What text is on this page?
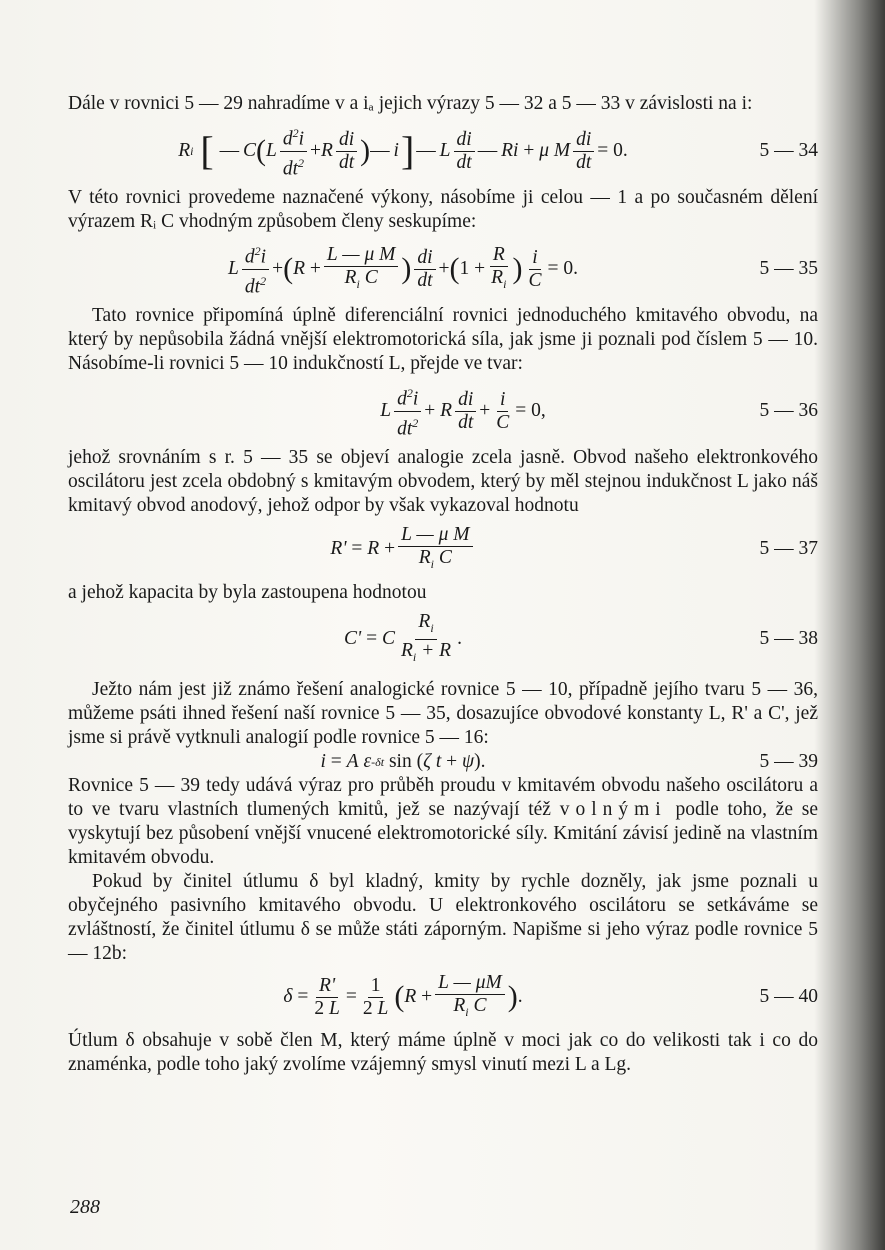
Dále v rovnici 5 — 29 nahradíme v a iₐ jejich výrazy 5 — 32 a 5 — 33 v závislosti na i:

R i
[
  —  C ( L $\frac{d^2i}{dt^2} + R \frac{di}{dt}$ ) —  i ] —  L $\frac{di}{dt}$ —  Ri + μ M $\frac{di}{dt} = 0$.	5 — 34

V této rovnici provedeme naznačené výkony, násobíme ji celou — 1 a po současném dělení výrazem Rᵢ C vhodným způsobem členy seskupíme:

L $\frac{d^2i}{dt^2}$ + ( $R + \frac{\text{L — μ M}}{R_i C}$ ) $\frac{di}{dt}$ + ( $1 + \frac{R}{R_i}$ ) $\frac{i}{C} = 0$.	5 — 35

Tato rovnice připomíná úplně diferenciální rovnici jednoduchého kmitavého obvodu, na který by nepůsobila žádná vnější elektromotorická síla, jak jsme ji poznali pod číslem 5 — 10. Násobíme-li rovnici 5 — 10 indukčností L, přejde ve tvar:

L $\frac{d^2i}{dt^2} + R \frac{di}{dt} + \frac{i}{C} = 0$,	5 — 36

jehož srovnáním s r. 5 — 35 se objeví analogie zcela jasně. Obvod našeho elektronkového oscilátoru jest zcela obdobný s kmitavým obvodem, který by měl stejnou indukčnost L jako náš kmitavý obvod anodový, jehož odpor by však vykazoval hodnotu

$R' = R + \frac{\text{L — μ M}}{R_i C}$	5 — 37

a jehož kapacita by byla zastoupena hodnotou

C' = C $\frac{R_i}{R_i + R}$ .	5 — 38

Ježto nám jest již známo řešení analogické rovnice 5 — 10, případně jejího tvaru 5 — 36, můžeme psáti ihned řešení naší rovnice 5 — 35, dosazujíce obvodové konstanty L, R' a C', jež jsme si právě vytknuli analogií podle rovnice 5 — 16:

i = A ε -δt
sin
( ζ t + ψ ).	5 — 39

Rovnice 5 — 39 tedy udává výraz pro průběh proudu v kmitavém obvodu našeho oscilátoru a to ve tvaru vlastních tlumených kmitů, jež se nazývají též volnými podle toho, že se vyskytují bez působení vnější vnucené elektromotorické síly. Kmitání závisí jedině na vlastním kmitavém obvodu.

Pokud by činitel útlumu δ byl kladný, kmity by rychle dozněly, jak jsme poznali u obyčejného pasivního kmitavého obvodu. U elektronkového oscilátoru se setkáváme se zvláštností, že činitel útlumu δ se může státi záporným. Napišme si jeho výraz podle rovnice 5 — 12b:

$\delta = \frac{R'}{2 L} = \frac{1}{2 L}$ ( $R + \frac{L — \mu M}{R_i C}$ ) .	5 — 40

Útlum δ obsahuje v sobě člen M, který máme úplně v moci jak co do velikosti tak i co do znaménka, podle toho jaký zvolíme vzájemný smysl vinutí mezi L a Lg.

288
